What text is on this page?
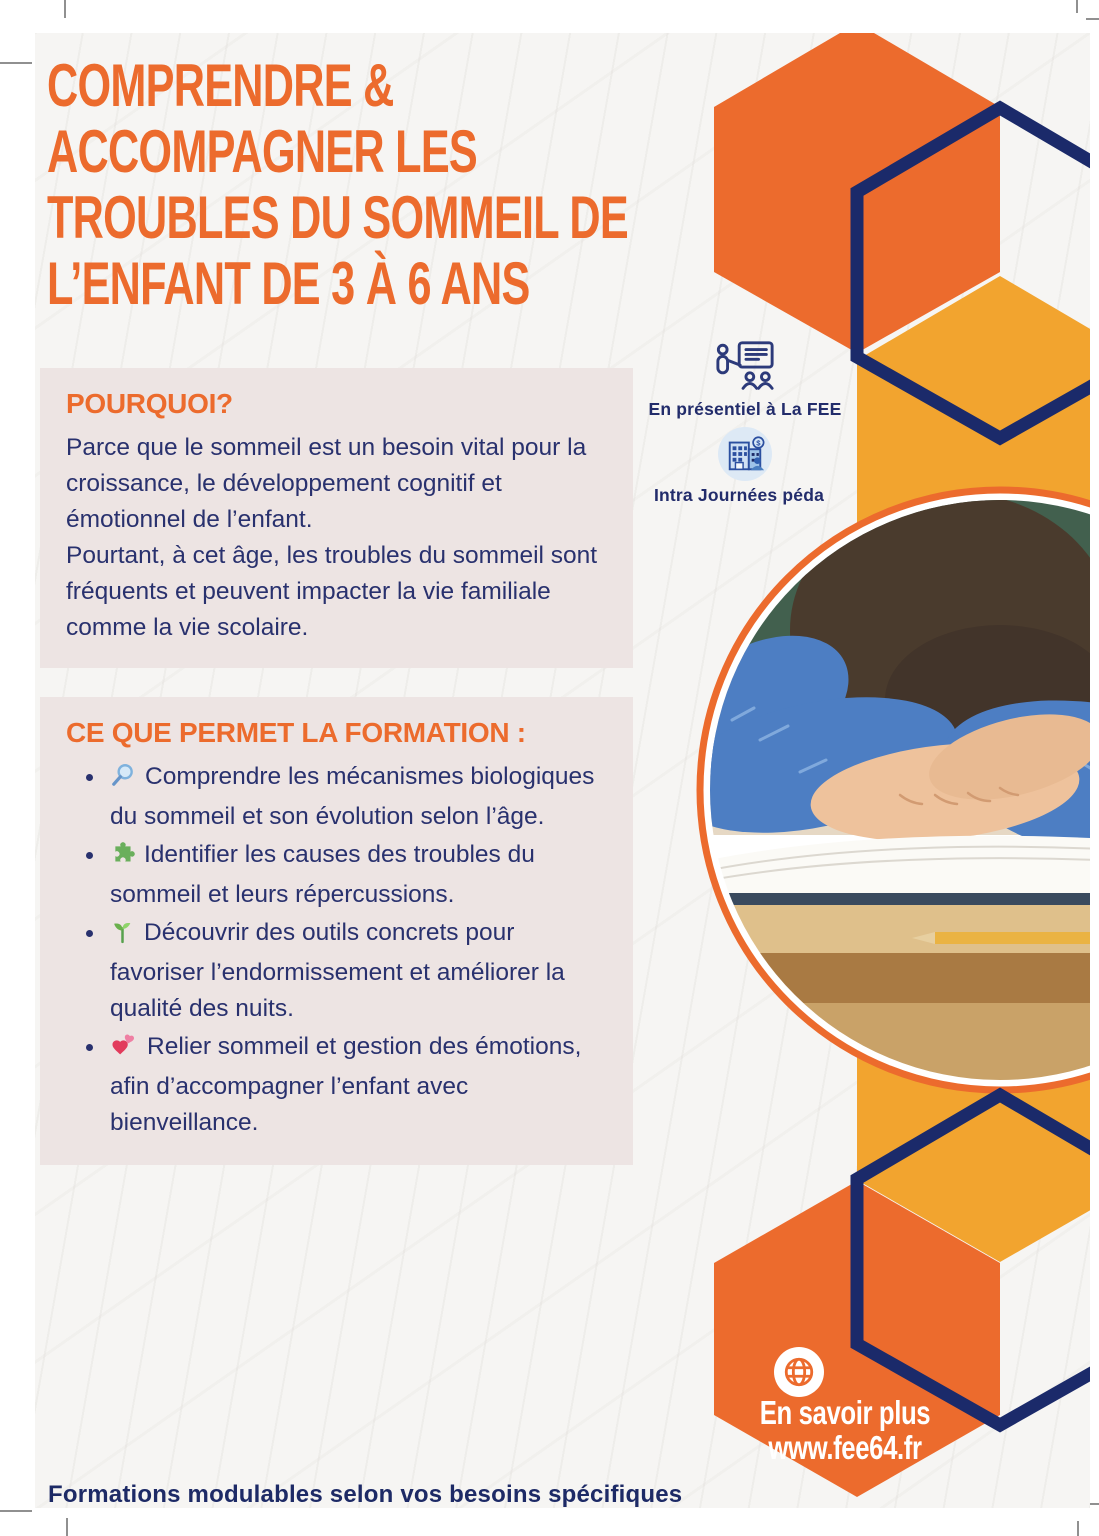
COMPRENDRE &
ACCOMPAGNER LES
TROUBLES DU SOMMEIL DE
L’ENFANT DE 3 À 6 ANS
POURQUOI?

Parce que le sommeil est un besoin vital pour la croissance, le développement cognitif et émotionnel de l’enfant.

Pourtant, à cet âge, les troubles du sommeil sont fréquents et peuvent impacter la vie familiale comme la vie scolaire.

CE QUE PERMET LA FORMATION :
Comprendre les mécanismes biologiques du sommeil et son évolution selon l’âge.
Identifier les causes des troubles du sommeil et leurs répercussions.
Découvrir des outils concrets pour favoriser l’endormissement et améliorer la qualité des nuits.
Relier sommeil et gestion des émotions, afin d’accompagner l’enfant avec bienveillance.
En présentiel à La FEE
$
Intra Journées péda
En savoir plus
www.fee64.fr
Formations modulables selon vos besoins spécifiques
